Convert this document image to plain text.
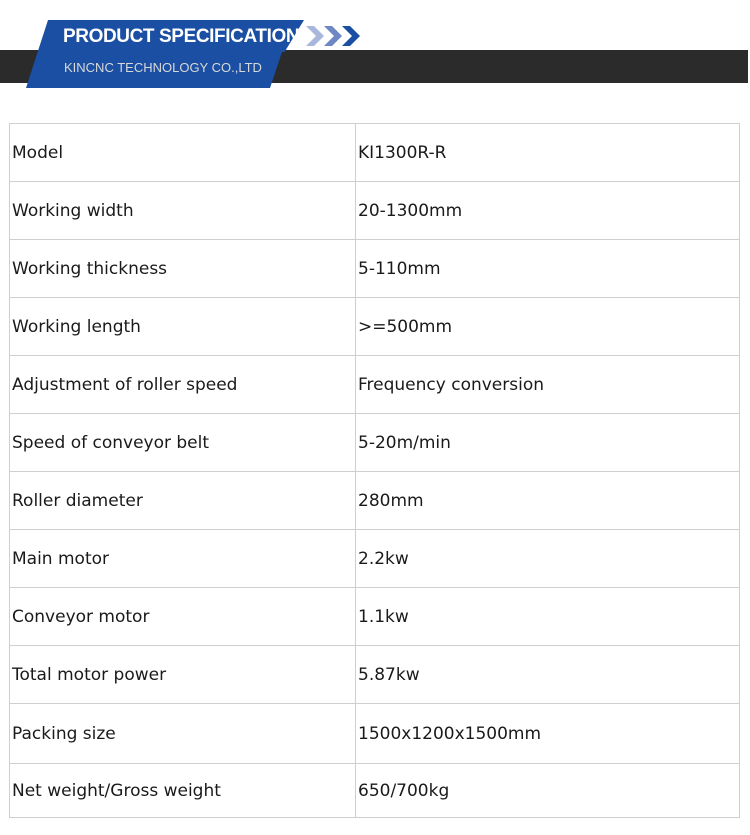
PRODUCT SPECIFICATION
KINCNC TECHNOLOGY CO.,LTD
Model	KI1300R-R
Working width	20-1300mm
Working thickness	5-110mm
Working length	>=500mm
Adjustment of roller speed	Frequency conversion
Speed of conveyor belt	5-20m/min
Roller diameter	280mm
Main motor	2.2kw
Conveyor motor	1.1kw
Total motor power	5.87kw
Packing size	1500x1200x1500mm
Net weight/Gross weight	650/700kg
